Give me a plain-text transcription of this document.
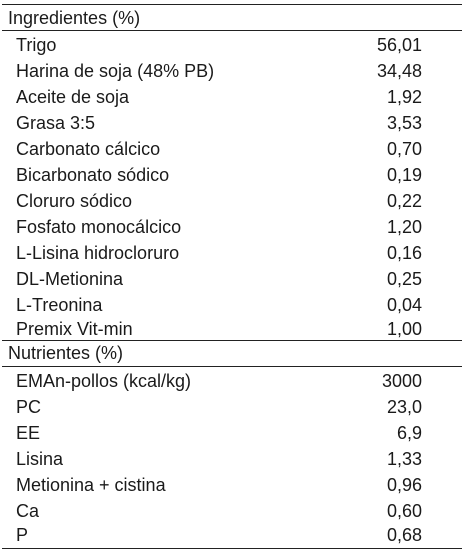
Ingredientes (%)
Trigo	56,01
Harina de soja (48% PB)	34,48
Aceite de soja	1,92
Grasa 3:5	3,53
Carbonato cálcico	0,70
Bicarbonato sódico	0,19
Cloruro sódico	0,22
Fosfato monocálcico	1,20
L-Lisina hidrocloruro	0,16
DL-Metionina	0,25
L-Treonina	0,04
Premix Vit-min	1,00
Nutrientes (%)
EMAn-pollos (kcal/kg)	3000
PC	23,0
EE	6,9
Lisina	1,33
Metionina + cistina	0,96
Ca	0,60
P	0,68
